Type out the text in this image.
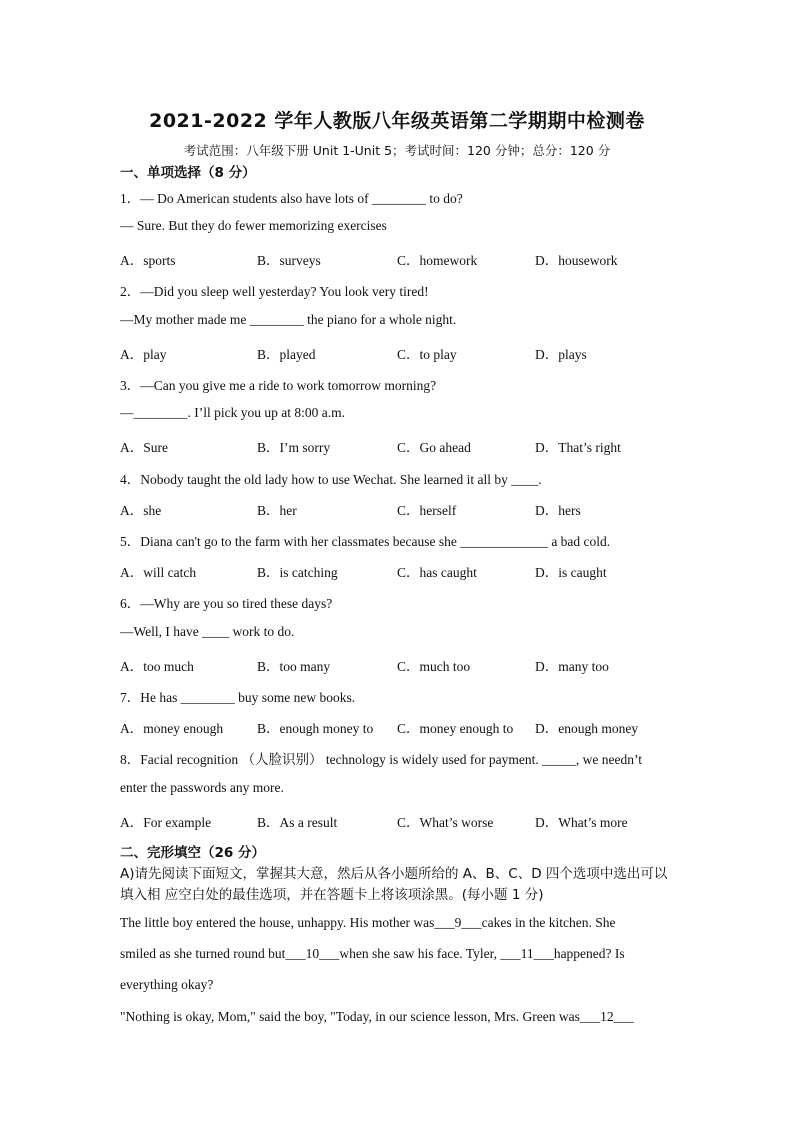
2021-2022 学年人教版八年级英语第二学期期中检测卷
考试范围：八年级下册 Unit 1-Unit 5；考试时间：120 分钟；总分：120 分
一、单项选择（8 分）
1．— Do American students also have lots of ________ to do?
— Sure. But they do fewer memorizing exercises
A．sports	B．surveys	C．homework	D．housework
2．—Did you sleep well yesterday? You look very tired!
—My mother made me ________ the piano for a whole night.
A．play	B．played	C．to play	D．plays
3．—Can you give me a ride to work tomorrow morning?
—________. I’ll pick you up at 8:00 a.m.
A．Sure	B．I’m sorry	C．Go ahead	D．That’s right
4．Nobody taught the old lady how to use Wechat. She learned it all by ____.
A．she	B．her	C．herself	D．hers
5．Diana can't go to the farm with her classmates because she _____________ a bad cold.
A．will catch	B．is catching	C．has caught	D．is caught
6．—Why are you so tired these days?
—Well, I have ____ work to do.
A．too much	B．too many	C．much too	D．many too
7．He has ________ buy some new books.
A．money enough	B．enough money to C．money enough to D．enough money
8．Facial recognition （人脸识别） technology is widely used for payment. _____, we needn’t
enter the passwords any more.
A．For example	B．As a result	C．What’s worse	D．What’s more
二、完形填空（26 分）
A)请先阅读下面短文，掌握其大意，然后从各小题所给的 A、B、C、D 四个选项中选出可以填入相 应空白处的最佳选项，并在答题卡上将该项涂黑。(每小题 1 分)
The little boy entered the house, unhappy. His mother was___9___cakes in the kitchen. She
smiled as she turned round but___10___when she saw his face. Tyler, ___11___happened? Is
everything okay?
"Nothing is okay, Mom," said the boy, "Today, in our science lesson, Mrs. Green was___12___
